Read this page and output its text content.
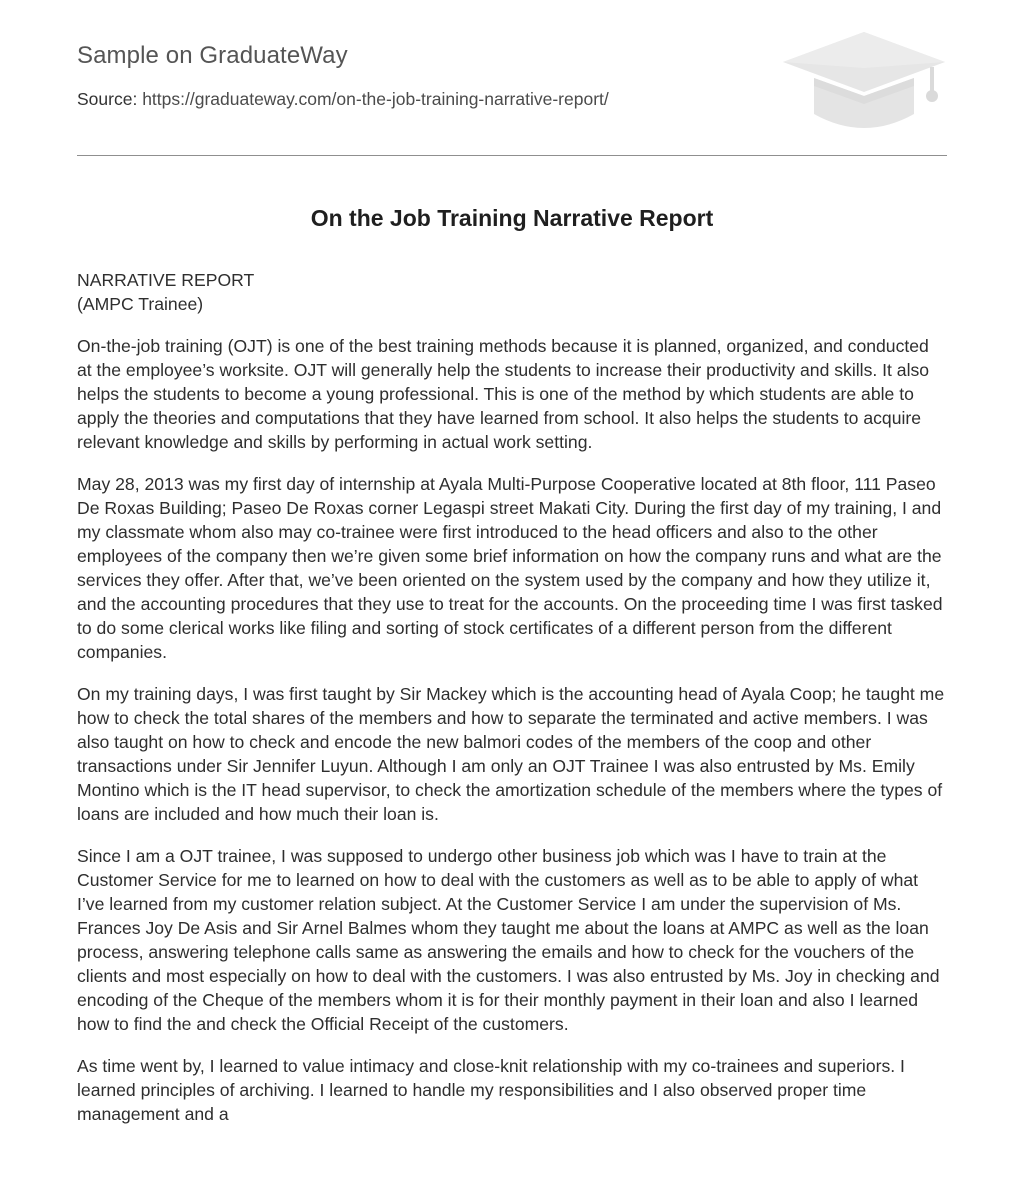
Sample on GraduateWay
Source: https://graduateway.com/on-the-job-training-narrative-report/
On the Job Training Narrative Report
NARRATIVE REPORT
(AMPC Trainee)

On-the-job training (OJT) is one of the best training methods because it is planned, organized, and conducted at the employee’s worksite. OJT will generally help the students to increase their productivity and skills. It also helps the students to become a young professional. This is one of the method by which students are able to apply the theories and computations that they have learned from school. It also helps the students to acquire relevant knowledge and skills by performing in actual work setting.

May 28, 2013 was my first day of internship at Ayala Multi-Purpose Cooperative located at 8th floor, 111 Paseo De Roxas Building; Paseo De Roxas corner Legaspi street Makati City. During the first day of my training, I and my classmate whom also may co-trainee were first introduced to the head officers and also to the other employees of the company then we’re given some brief information on how the company runs and what are the services they offer. After that, we’ve been oriented on the system used by the company and how they utilize it, and the accounting procedures that they use to treat for the accounts. On the proceeding time I was first tasked to do some clerical works like filing and sorting of stock certificates of a different person from the different companies.

On my training days, I was first taught by Sir Mackey which is the accounting head of Ayala Coop; he taught me how to check the total shares of the members and how to separate the terminated and active members. I was also taught on how to check and encode the new balmori codes of the members of the coop and other transactions under Sir Jennifer Luyun. Although I am only an OJT Trainee I was also entrusted by Ms. Emily Montino which is the IT head supervisor, to check the amortization schedule of the members where the types of loans are included and how much their loan is.

Since I am a OJT trainee, I was supposed to undergo other business job which was I have to train at the Customer Service for me to learned on how to deal with the customers as well as to be able to apply of what I’ve learned from my customer relation subject. At the Customer Service I am under the supervision of Ms. Frances Joy De Asis and Sir Arnel Balmes whom they taught me about the loans at AMPC as well as the loan process, answering telephone calls same as answering the emails and how to check for the vouchers of the clients and most especially on how to deal with the customers. I was also entrusted by Ms. Joy in checking and encoding of the Cheque of the members whom it is for their monthly payment in their loan and also I learned how to find the and check the Official Receipt of the customers.

As time went by, I learned to value intimacy and close-knit relationship with my co-trainees and superiors. I learned principles of archiving. I learned to handle my responsibilities and I also observed proper time management and a
